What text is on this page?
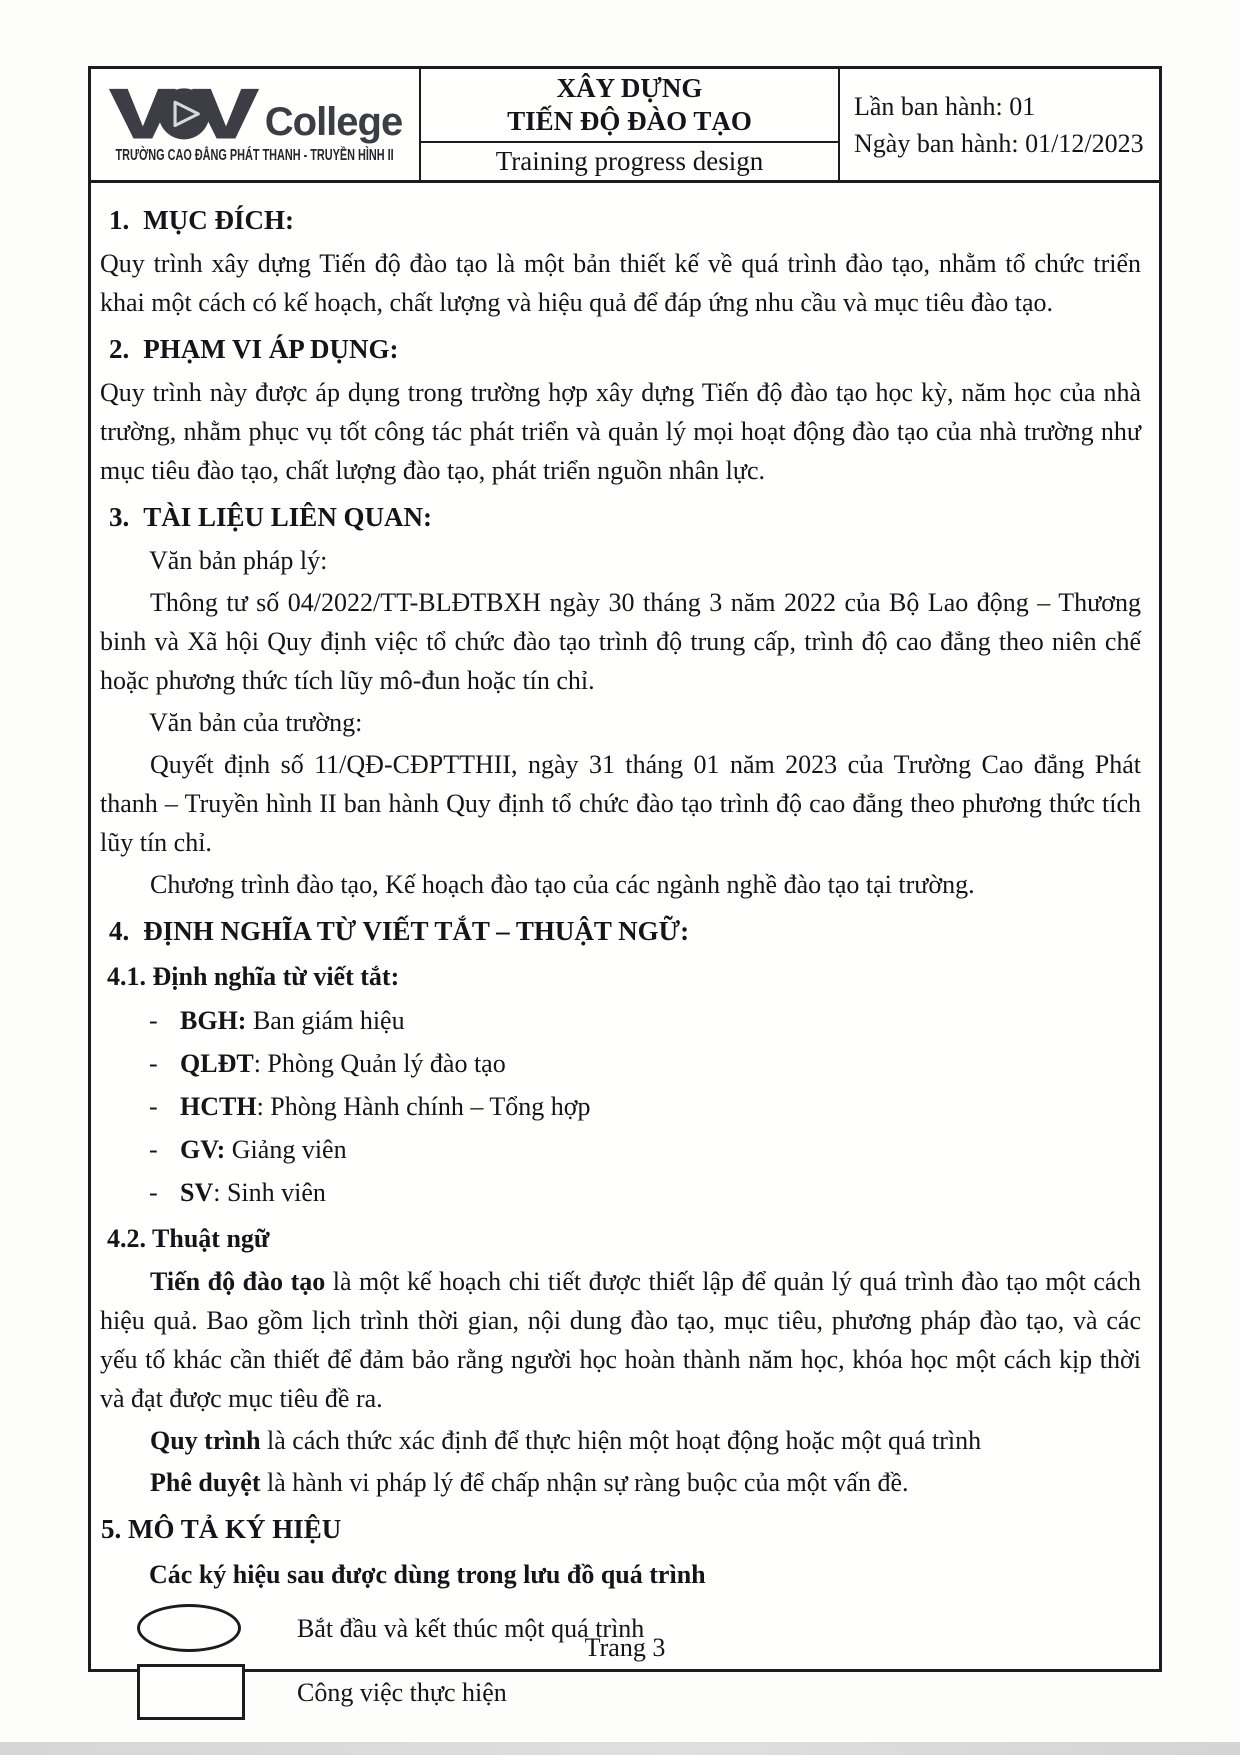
College
TRƯỜNG CAO ĐẲNG PHÁT THANH - TRUYỀN HÌNH II
XÂY DỰNG
TIẾN ĐỘ ĐÀO TẠO
Training progress design
Lần ban hành: 01
Ngày ban hành: 01/12/2023
1. MỤC ĐÍCH:

Quy trình xây dựng Tiến độ đào tạo là một bản thiết kế về quá trình đào tạo, nhằm tổ chức triển khai một cách có kế hoạch, chất lượng và hiệu quả để đáp ứng nhu cầu và mục tiêu đào tạo.

2. PHẠM VI ÁP DỤNG:

Quy trình này được áp dụng trong trường hợp xây dựng Tiến độ đào tạo học kỳ, năm học của nhà trường, nhằm phục vụ tốt công tác phát triển và quản lý mọi hoạt động đào tạo của nhà trường như mục tiêu đào tạo, chất lượng đào tạo, phát triển nguồn nhân lực.

3. TÀI LIỆU LIÊN QUAN:
Văn bản pháp lý:

Thông tư số 04/2022/TT-BLĐTBXH ngày 30 tháng 3 năm 2022 của Bộ Lao động – Thương binh và Xã hội Quy định việc tổ chức đào tạo trình độ trung cấp, trình độ cao đẳng theo niên chế hoặc phương thức tích lũy mô-đun hoặc tín chỉ.

Văn bản của trường:

Quyết định số 11/QĐ-CĐPTTHII, ngày 31 tháng 01 năm 2023 của Trường Cao đẳng Phát thanh – Truyền hình II ban hành Quy định tổ chức đào tạo trình độ cao đẳng theo phương thức tích lũy tín chỉ.

Chương trình đào tạo, Kế hoạch đào tạo của các ngành nghề đào tạo tại trường.

4. ĐỊNH NGHĨA TỪ VIẾT TẮT – THUẬT NGỮ:
4.1. Định nghĩa từ viết tắt:
- BGH: Ban giám hiệu
- QLĐT: Phòng Quản lý đào tạo
- HCTH: Phòng Hành chính – Tổng hợp
- GV: Giảng viên
- SV: Sinh viên
4.2. Thuật ngữ

Tiến độ đào tạo là một kế hoạch chi tiết được thiết lập để quản lý quá trình đào tạo một cách hiệu quả. Bao gồm lịch trình thời gian, nội dung đào tạo, mục tiêu, phương pháp đào tạo, và các yếu tố khác cần thiết để đảm bảo rằng người học hoàn thành năm học, khóa học một cách kịp thời và đạt được mục tiêu đề ra.

Quy trình là cách thức xác định để thực hiện một hoạt động hoặc một quá trình

Phê duyệt là hành vi pháp lý để chấp nhận sự ràng buộc của một vấn đề.

5. MÔ TẢ KÝ HIỆU
Các ký hiệu sau được dùng trong lưu đồ quá trình
Bắt đầu và kết thúc một quá trình
Công việc thực hiện
Trang 3
